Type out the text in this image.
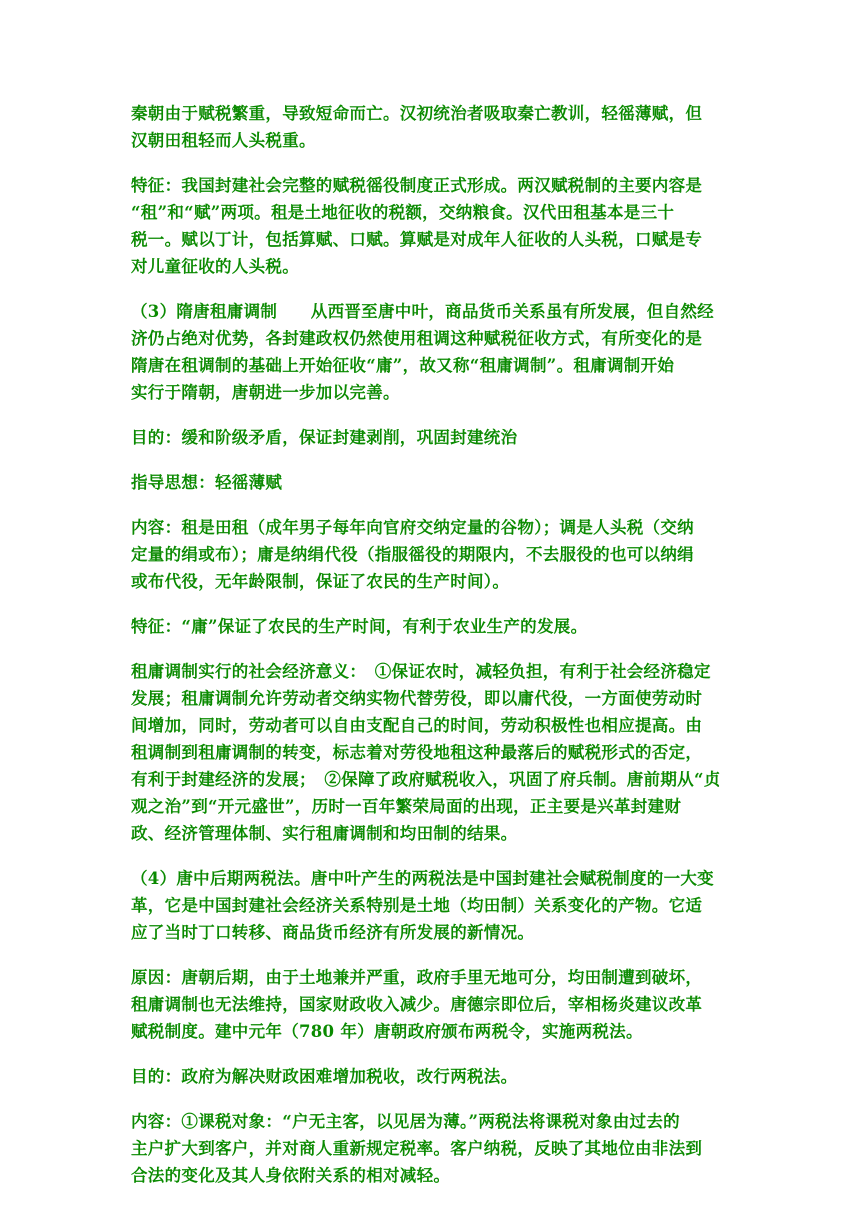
秦朝由于赋税繁重，导致短命而亡。汉初统治者吸取秦亡教训，轻徭薄赋，但
汉朝田租轻而人头税重。

特征：我国封建社会完整的赋税徭役制度正式形成。两汉赋税制的主要内容是
“租”和“赋”两项。租是土地征收的税额，交纳粮食。汉代田租基本是三十
税一。赋以丁计，包括算赋、口赋。算赋是对成年人征收的人头税，口赋是专
对儿童征收的人头税。

（3）隋唐租庸调制　　从西晋至唐中叶，商品货币关系虽有所发展，但自然经
济仍占绝对优势，各封建政权仍然使用租调这种赋税征收方式，有所变化的是
隋唐在租调制的基础上开始征收“庸”，故又称“租庸调制”。租庸调制开始
实行于隋朝，唐朝进一步加以完善。

目的：缓和阶级矛盾，保证封建剥削，巩固封建统治

指导思想：轻徭薄赋

内容：租是田租（成年男子每年向官府交纳定量的谷物）；调是人头税（交纳
定量的绢或布）；庸是纳绢代役（指服徭役的期限内，不去服役的也可以纳绢
或布代役，无年龄限制，保证了农民的生产时间）。

特征：“庸”保证了农民的生产时间，有利于农业生产的发展。

租庸调制实行的社会经济意义：　①保证农时，减轻负担，有利于社会经济稳定
发展；租庸调制允许劳动者交纳实物代替劳役，即以庸代役，一方面使劳动时
间增加，同时，劳动者可以自由支配自己的时间，劳动积极性也相应提高。由
租调制到租庸调制的转变，标志着对劳役地租这种最落后的赋税形式的否定，
有利于封建经济的发展；　②保障了政府赋税收入，巩固了府兵制。唐前期从“贞
观之治”到“开元盛世”，历时一百年繁荣局面的出现，正主要是兴革封建财
政、经济管理体制、实行租庸调制和均田制的结果。

（4）唐中后期两税法。唐中叶产生的两税法是中国封建社会赋税制度的一大变
革，它是中国封建社会经济关系特别是土地（均田制）关系变化的产物。它适
应了当时丁口转移、商品货币经济有所发展的新情况。

原因：唐朝后期，由于土地兼并严重，政府手里无地可分，均田制遭到破坏，
租庸调制也无法维持，国家财政收入减少。唐德宗即位后，宰相杨炎建议改革
赋税制度。建中元年（780 年）唐朝政府颁布两税令，实施两税法。

目的：政府为解决财政困难增加税收，改行两税法。

内容：①课税对象：“户无主客，以见居为薄。”两税法将课税对象由过去的
主户扩大到客户，并对商人重新规定税率。客户纳税，反映了其地位由非法到
合法的变化及其人身依附关系的相对减轻。
